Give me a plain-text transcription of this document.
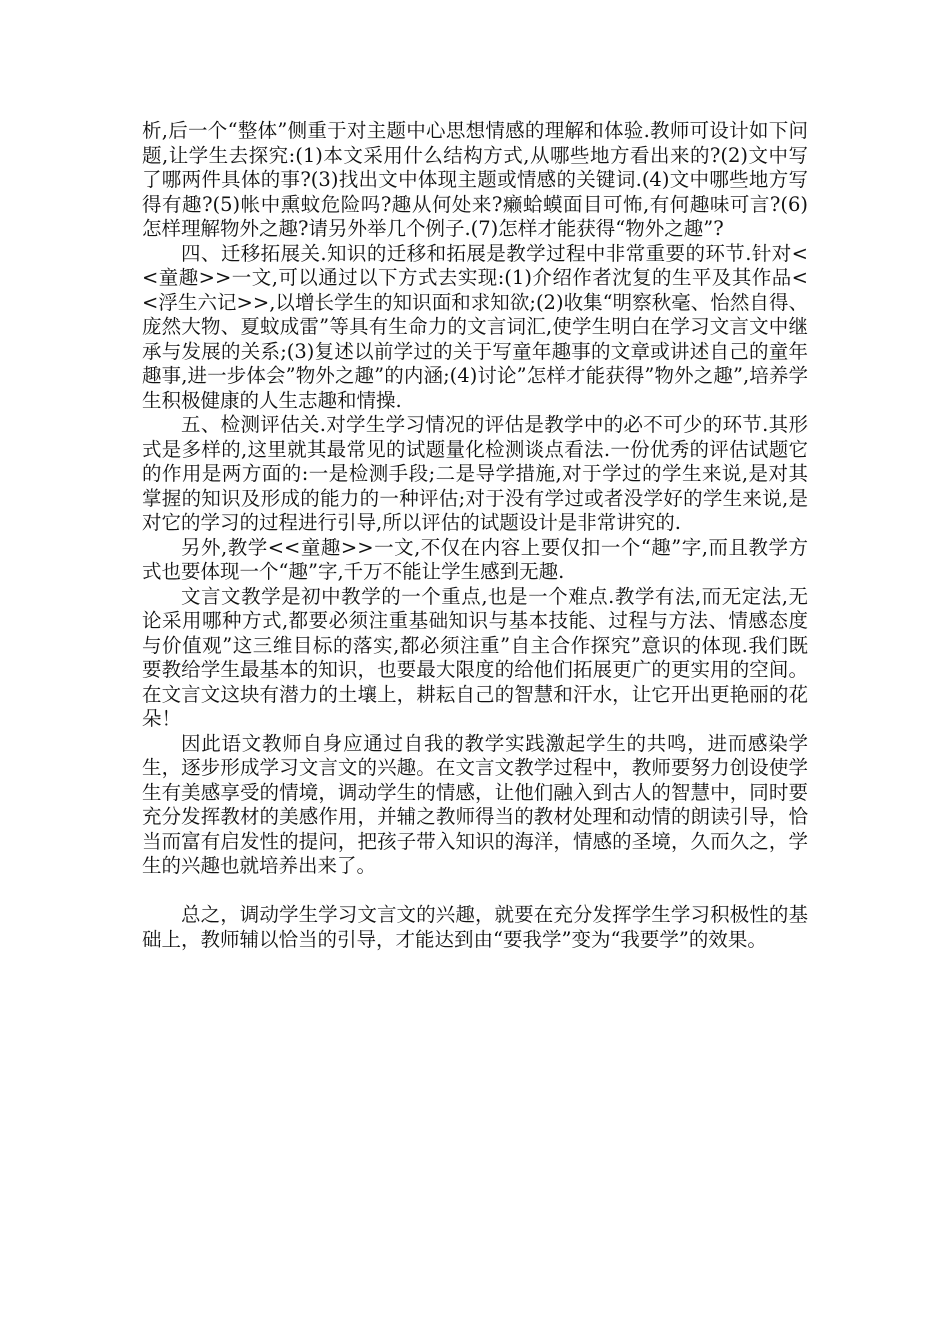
析,后一个“整体”侧重于对主题中心思想情感的理解和体验.教师可设计如下问题,让学生去探究:(1)本文采用什么结构方式,从哪些地方看出来的?(2)文中写了哪两件具体的事?(3)找出文中体现主题或情感的关键词.(4)文中哪些地方写得有趣?(5)帐中熏蚊危险吗?趣从何处来?癞蛤蟆面目可怖,有何趣味可言?(6)怎样理解物外之趣?请另外举几个例子.(7)怎样才能获得“物外之趣”?

四、迁移拓展关.知识的迁移和拓展是教学过程中非常重要的环节.针对<<童趣>>一文,可以通过以下方式去实现:(1)介绍作者沈复的生平及其作品<<浮生六记>>,以增长学生的知识面和求知欲;(2)收集“明察秋毫、怡然自得、庞然大物、夏蚊成雷”等具有生命力的文言词汇,使学生明白在学习文言文中继承与发展的关系;(3)复述以前学过的关于写童年趣事的文章或讲述自己的童年趣事,进一步体会”物外之趣”的内涵;(4)讨论”怎样才能获得”物外之趣”,培养学生积极健康的人生志趣和情操.

五、检测评估关.对学生学习情况的评估是教学中的必不可少的环节.其形式是多样的,这里就其最常见的试题量化检测谈点看法.一份优秀的评估试题它的作用是两方面的:一是检测手段;二是导学措施,对于学过的学生来说,是对其掌握的知识及形成的能力的一种评估;对于没有学过或者没学好的学生来说,是对它的学习的过程进行引导,所以评估的试题设计是非常讲究的.

另外,教学<<童趣>>一文,不仅在内容上要仅扣一个“趣”字,而且教学方式也要体现一个“趣”字,千万不能让学生感到无趣.

文言文教学是初中教学的一个重点,也是一个难点.教学有法,而无定法,无论采用哪种方式,都要必须注重基础知识与基本技能、过程与方法、情感态度与价值观”这三维目标的落实,都必须注重”自主合作探究”意识的体现.我们既要教给学生最基本的知识，也要最大限度的给他们拓展更广的更实用的空间。在文言文这块有潜力的土壤上，耕耘自己的智慧和汗水，让它开出更艳丽的花朵！

因此语文教师自身应通过自我的教学实践激起学生的共鸣，进而感染学生，逐步形成学习文言文的兴趣。在文言文教学过程中，教师要努力创设使学生有美感享受的情境，调动学生的情感，让他们融入到古人的智慧中，同时要充分发挥教材的美感作用，并辅之教师得当的教材处理和动情的朗读引导，恰当而富有启发性的提问，把孩子带入知识的海洋，情感的圣境，久而久之，学生的兴趣也就培养出来了。

总之，调动学生学习文言文的兴趣，就要在充分发挥学生学习积极性的基础上，教师辅以恰当的引导，才能达到由“要我学”变为“我要学”的效果。
